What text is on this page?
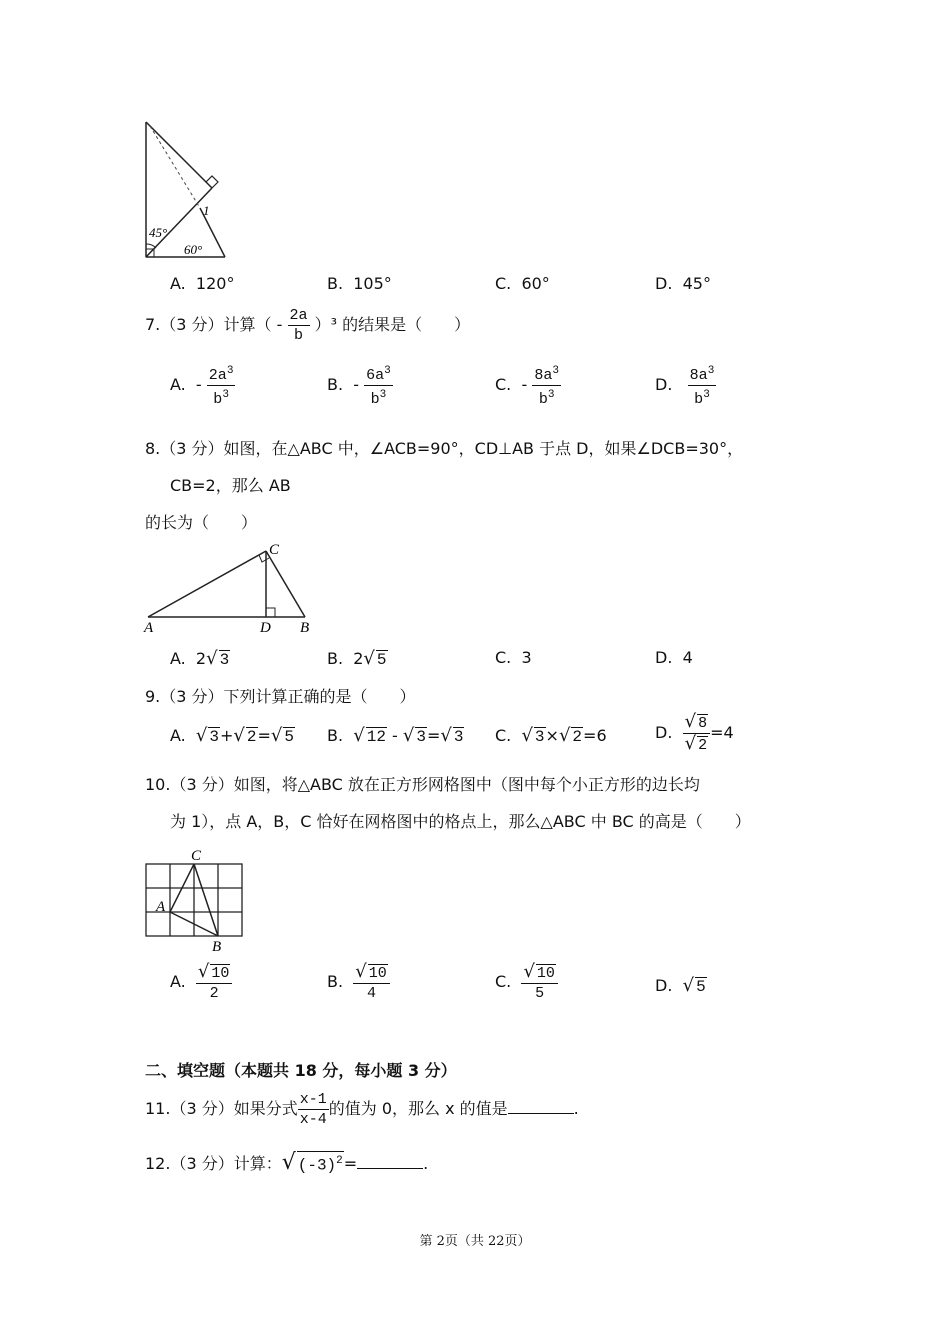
45°
60°
1
A. 120°	B. 105°	C. 60°	D. 45°
7.（3 分）计算（ - $\frac{2a}{b} )^3$ 的结果是（　　）
A. - $\frac{2a^3}{b^3}$	B. - $\frac{6a^3}{b^3}$	C. - $\frac{8a^3}{b^3}$	D. $\frac{8a^3}{b^3}$
8.（3 分）如图，在△ABC 中，∠ACB=90°，CD⊥AB 于点 D，如果∠DCB=30°，
CB=2，那么 AB
的长为（　　）
A	D B
C
A. 2√ 3	B. 2√ 5	C. 3	D. 4
9.（3 分）下列计算正确的是（　　）
A. √ 3+√ 2=√ 5 B. √ 12 - √ 3=√ 3 C. √ 3×√ 2=6	D. $\frac{√ 8}{√ 2} =4$
10.（3 分）如图，将△ABC 放在正方形网格图中（图中每个小正方形的边长均
为 1），点 A，B，C 恰好在网格图中的格点上，那么△ABC 中 BC 的高是（　　）
C
A
B
A. $\frac{√ 10}{2}$	B. $\frac{√ 10}{4}$	C. $\frac{√ 10}{5}$	D. √ 5
二、填空题（本题共 18 分，每小题 3 分）
11.（3 分）如果分式 $\frac{x-1}{x-4}$ 的值为 0，那么 x 的值是	.
12.（3 分）计算：√ $(-3)^2=$	.
第 2页（共 22页）
